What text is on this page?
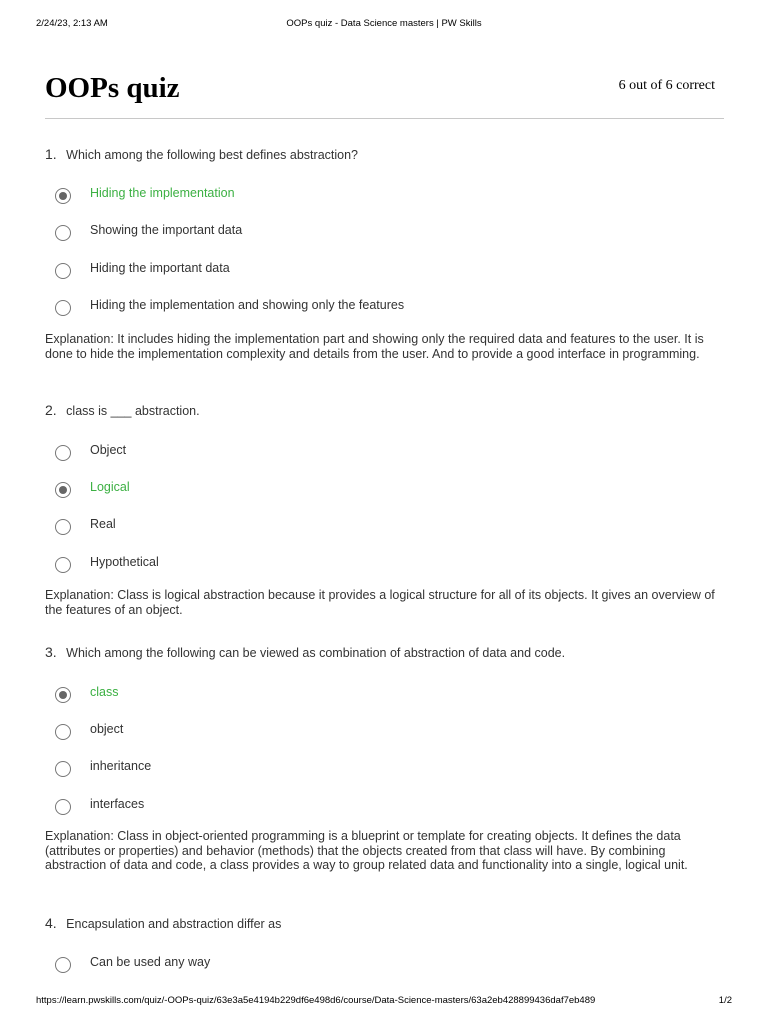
2/24/23, 2:13 AM	OOPs quiz - Data Science masters | PW Skills
OOPs quiz	6 out of 6 correct
1. Which among the following best defines abstraction?
Hiding the implementation
Showing the important data
Hiding the important data
Hiding the implementation and showing only the features
Explanation: It includes hiding the implementation part and showing only the required data and features to the user. It is done to hide the implementation complexity and details from the user. And to provide a good interface in programming.
2. class is ___ abstraction.
Object
Logical
Real
Hypothetical
Explanation: Class is logical abstraction because it provides a logical structure for all of its objects. It gives an overview of the features of an object.
3. Which among the following can be viewed as combination of abstraction of data and code.
class
object
inheritance
interfaces
Explanation: Class in object-oriented programming is a blueprint or template for creating objects. It defines the data (attributes or properties) and behavior (methods) that the objects created from that class will have. By combining abstraction of data and code, a class provides a way to group related data and functionality into a single, logical unit.
4. Encapsulation and abstraction differ as
Can be used any way
https://learn.pwskills.com/quiz/-OOPs-quiz/63e3a5e4194b229df6e498d6/course/Data-Science-masters/63a2eb428899436daf7eb489	1/2
